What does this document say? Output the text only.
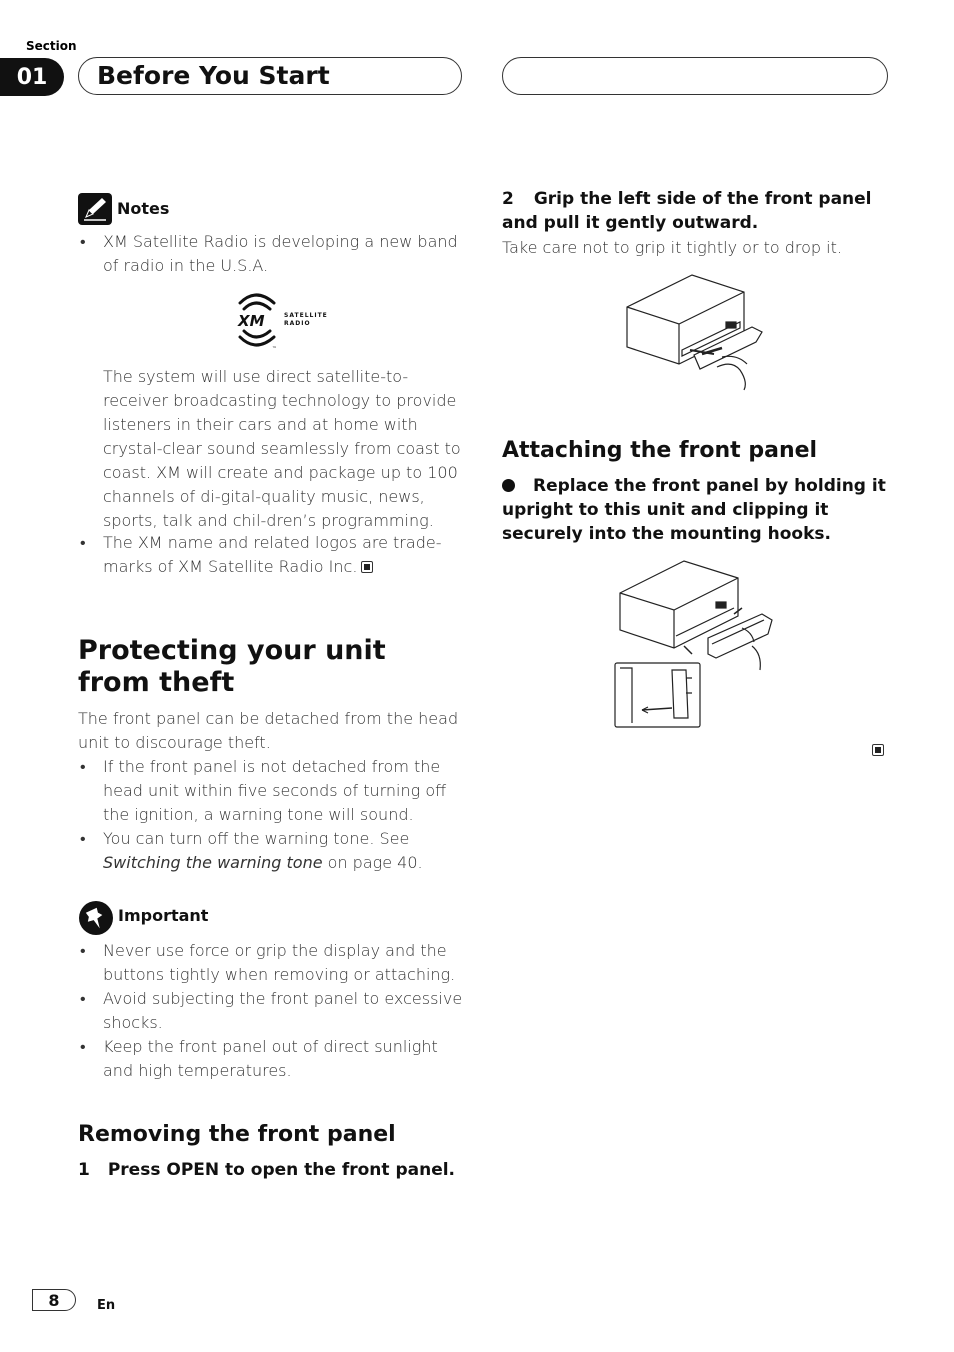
Section
01	Before You Start
Notes
• XM Satellite Radio is developing a new band of radio in the U.S.A.
XM	SATELLITE
RADIO
™
The system will use direct satellite-to-receiver broadcasting technology to provide listeners in their cars and at home with crystal-clear sound seamlessly from coast to coast. XM will create and package up to 100 channels of di-gital-quality music, news, sports, talk and chil-dren’s programming.
• The XM name and related logos are trade-marks of XM Satellite Radio Inc.
Protecting your unit from theft
The front panel can be detached from the head unit to discourage theft.
• If the front panel is not detached from the head unit within five seconds of turning off the ignition, a warning tone will sound.
• You can turn off the warning tone. See Switching the warning tone on page 40.
Important
• Never use force or grip the display and the buttons tightly when removing or attaching.
• Avoid subjecting the front panel to excessive shocks.
• Keep the front panel out of direct sunlight and high temperatures.
Removing the front panel
1 Press OPEN to open the front panel.
2 Grip the left side of the front panel and pull it gently outward.
Take care not to grip it tightly or to drop it.
Attaching the front panel
Replace the front panel by holding it upright to this unit and clipping it securely into the mounting hooks.
8	En
